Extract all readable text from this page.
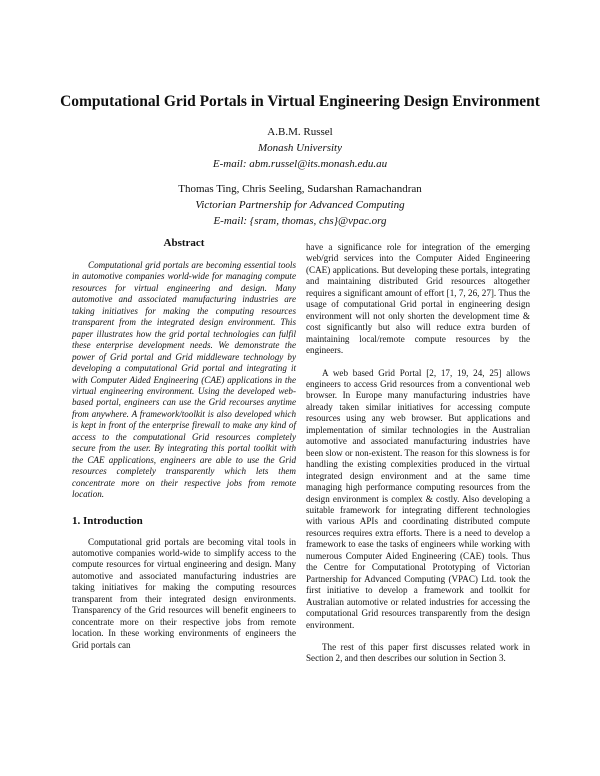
Computational Grid Portals in Virtual Engineering Design Environment
A.B.M. Russel
Monash University
E-mail: abm.russel@its.monash.edu.au
Thomas Ting, Chris Seeling, Sudarshan Ramachandran
Victorian Partnership for Advanced Computing
E-mail: {sram, thomas, chs}@vpac.org
Abstract

Computational grid portals are becoming essential tools in automotive companies world-wide for managing compute resources for virtual engineering and design. Many automotive and associated manufacturing industries are taking initiatives for making the computing resources transparent from the integrated design environment. This paper illustrates how the grid portal technologies can fulfil these enterprise development needs. We demonstrate the power of Grid portal and Grid middleware technology by developing a computational Grid portal and integrating it with Computer Aided Engineering (CAE) applications in the virtual engineering environment. Using the developed web-based portal, engineers can use the Grid recourses anytime from anywhere. A framework/toolkit is also developed which is kept in front of the enterprise firewall to make any kind of access to the computational Grid resources completely secure from the user. By integrating this portal toolkit with the CAE applications, engineers are able to use the Grid resources completely transparently which lets them concentrate more on their respective jobs from remote location.

1. Introduction

Computational grid portals are becoming vital tools in automotive companies world-wide to simplify access to the compute resources for virtual engineering and design. Many automotive and associated manufacturing industries are taking initiatives for making the computing resources transparent from their integrated design environments. Transparency of the Grid resources will benefit engineers to concentrate more on their respective jobs from remote location. In these working environments of engineers the Grid portals can

have a significance role for integration of the emerging web/grid services into the Computer Aided Engineering (CAE) applications. But developing these portals, integrating and maintaining distributed Grid resources altogether requires a significant amount of effort [1, 7, 26, 27]. Thus the usage of computational Grid portal in engineering design environment will not only shorten the development time & cost significantly but also will reduce extra burden of maintaining local/remote compute resources by the engineers.

A web based Grid Portal [2, 17, 19, 24, 25] allows engineers to access Grid resources from a conventional web browser. In Europe many manufacturing industries have already taken similar initiatives for accessing compute resources using any web browser. But applications and implementation of similar technologies in the Australian automotive and associated manufacturing industries have been slow or non-existent. The reason for this slowness is for handling the existing complexities produced in the virtual integrated design environment and at the same time managing high performance computing resources from the design environment is complex & costly. Also developing a suitable framework for integrating different technologies with various APIs and coordinating distributed compute resources requires extra efforts. There is a need to develop a framework to ease the tasks of engineers while working with numerous Computer Aided Engineering (CAE) tools. Thus the Centre for Computational Prototyping of Victorian Partnership for Advanced Computing (VPAC) Ltd. took the first initiative to develop a framework and toolkit for Australian automotive or related industries for accessing the computational Grid resources transparently from the design environment.

The rest of this paper first discusses related work in Section 2, and then describes our solution in Section 3.
